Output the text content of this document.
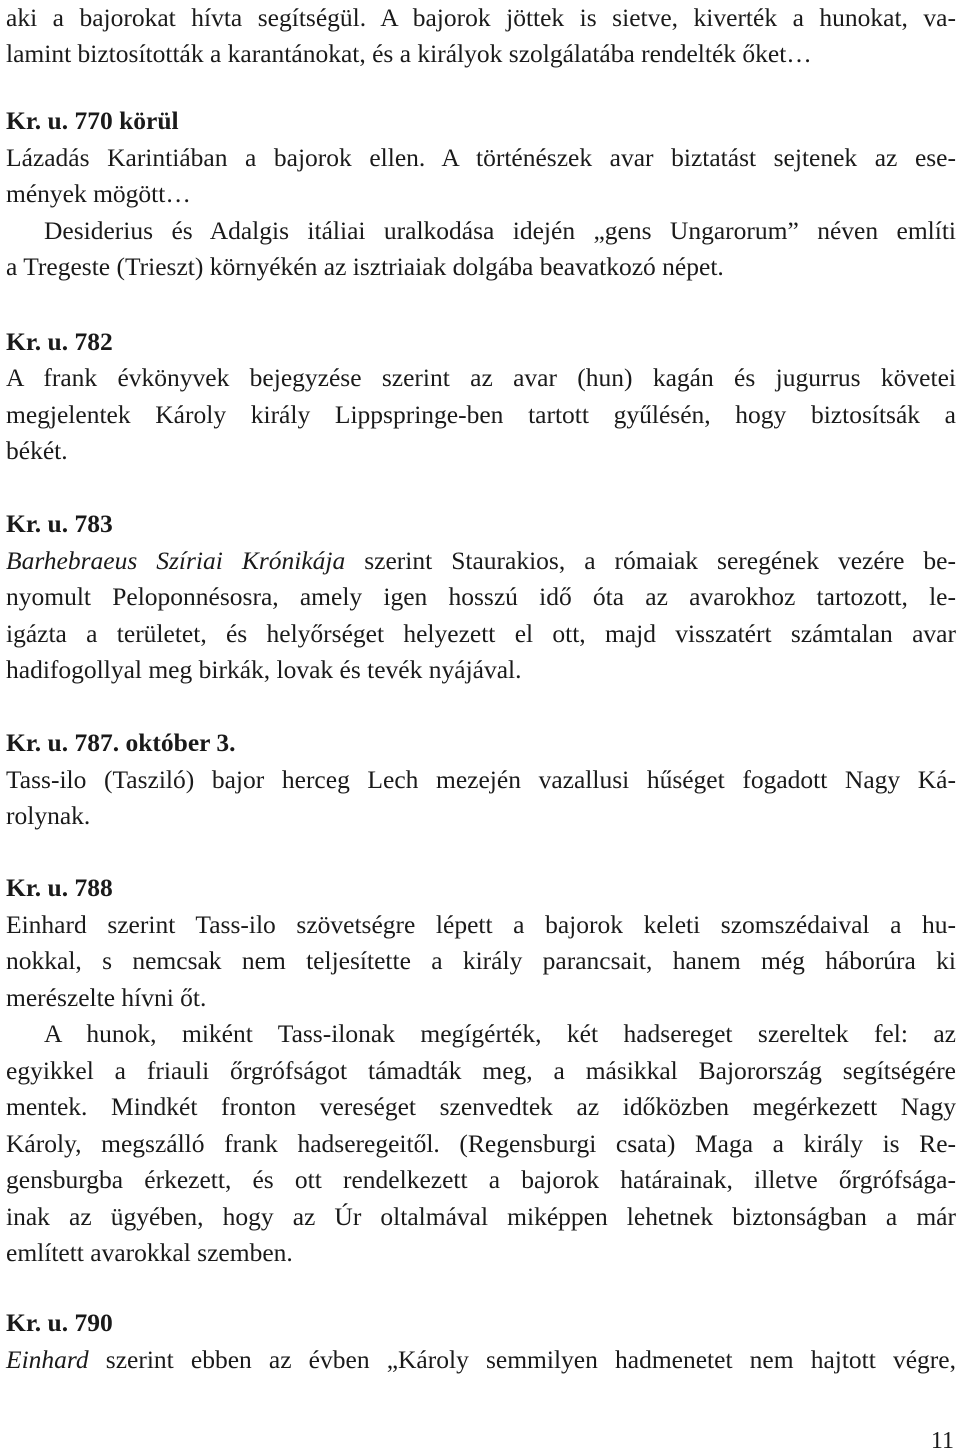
aki a bajorokat hívta segítségül. A bajorok jöttek is sietve, kiverték a hunokat, va-
lamint biztosították a karantánokat, és a királyok szolgálatába rendelték őket…
Kr. u. 770 körül
Lázadás Karintiában a bajorok ellen. A történészek avar biztatást sejtenek az ese-
mények mögött…
Desiderius és Adalgis itáliai uralkodása idején „gens Ungarorum” néven említi
a Tregeste (Trieszt) környékén az isztriaiak dolgába beavatkozó népet.
Kr. u. 782
A frank évkönyvek bejegyzése szerint az avar (hun) kagán és jugurrus követei
megjelentek Károly király Lippspringe-ben tartott gyűlésén, hogy biztosítsák a
békét.
Kr. u. 783
Barhebraeus Szíriai Krónikája szerint Staurakios, a rómaiak seregének vezére be-
nyomult Peloponnésosra, amely igen hosszú idő óta az avarokhoz tartozott, le-
igázta a területet, és helyőrséget helyezett el ott, majd visszatért számtalan avar
hadifogollyal meg birkák, lovak és tevék nyájával.
Kr. u. 787. október 3.
Tass-ilo (Tasziló) bajor herceg Lech mezején vazallusi hűséget fogadott Nagy Ká-
rolynak.
Kr. u. 788
Einhard szerint Tass-ilo szövetségre lépett a bajorok keleti szomszédaival a hu-
nokkal, s nemcsak nem teljesítette a király parancsait, hanem még háborúra ki
merészelte hívni őt.
A hunok, miként Tass-ilonak megígérték, két hadsereget szereltek fel: az
egyikkel a friauli őrgrófságot támadták meg, a másikkal Bajorország segítségére
mentek. Mindkét fronton vereséget szenvedtek az időközben megérkezett Nagy
Károly, megszálló frank hadseregeitől. (Regensburgi csata) Maga a király is Re-
gensburgba érkezett, és ott rendelkezett a bajorok határainak, illetve őrgrófsága-
inak az ügyében, hogy az Úr oltalmával miképpen lehetnek biztonságban a már
említett avarokkal szemben.
Kr. u. 790
Einhard szerint ebben az évben „Károly semmilyen hadmenetet nem hajtott végre,
11
